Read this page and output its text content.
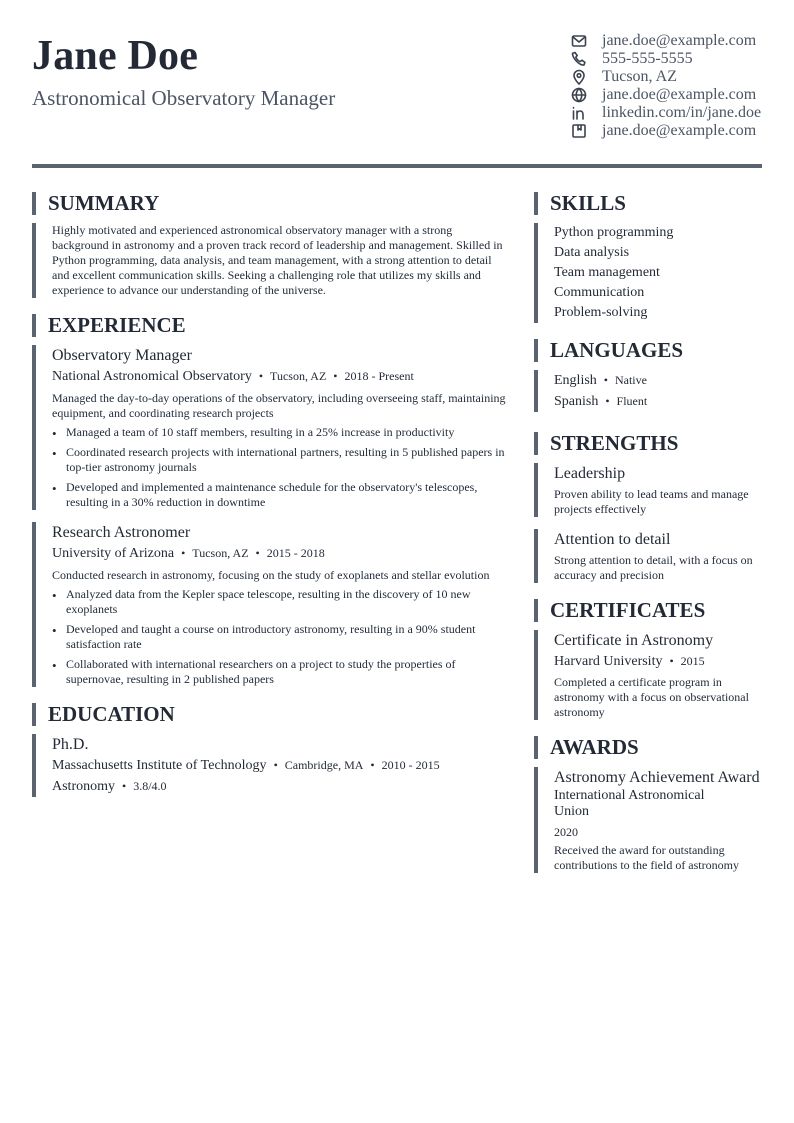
Jane Doe
Astronomical Observatory Manager
jane.doe@example.com
555-555-5555
Tucson, AZ
jane.doe@example.com
linkedin.com/in/jane.doe
jane.doe@example.com
SUMMARY
Highly motivated and experienced astronomical observatory manager with a strong background in astronomy and a proven track record of leadership and management. Skilled in Python programming, data analysis, and team management, with a strong attention to detail and excellent communication skills. Seeking a challenging role that utilizes my skills and experience to advance our understanding of the universe.
EXPERIENCE
Observatory Manager
National Astronomical Observatory • Tucson, AZ • 2018 - Present
Managed the day-to-day operations of the observatory, including overseeing staff, maintaining equipment, and coordinating research projects
• Managed a team of 10 staff members, resulting in a 25% increase in productivity
• Coordinated research projects with international partners, resulting in 5 published papers in top-tier astronomy journals
• Developed and implemented a maintenance schedule for the observatory's telescopes, resulting in a 30% reduction in downtime
Research Astronomer
University of Arizona • Tucson, AZ • 2015 - 2018
Conducted research in astronomy, focusing on the study of exoplanets and stellar evolution
• Analyzed data from the Kepler space telescope, resulting in the discovery of 10 new exoplanets
• Developed and taught a course on introductory astronomy, resulting in a 90% student satisfaction rate
• Collaborated with international researchers on a project to study the properties of supernovae, resulting in 2 published papers
EDUCATION
Ph.D.
Massachusetts Institute of Technology • Cambridge, MA • 2010 - 2015
Astronomy • 3.8/4.0
SKILLS
Python programming
Data analysis
Team management
Communication
Problem-solving
LANGUAGES
English • Native
Spanish • Fluent
STRENGTHS
Leadership
Proven ability to lead teams and manage projects effectively
Attention to detail
Strong attention to detail, with a focus on accuracy and precision
CERTIFICATES
Certificate in Astronomy
Harvard University • 2015
Completed a certificate program in astronomy with a focus on observational astronomy
AWARDS
Astronomy Achievement Award
International Astronomical Union
2020
Received the award for outstanding contributions to the field of astronomy
